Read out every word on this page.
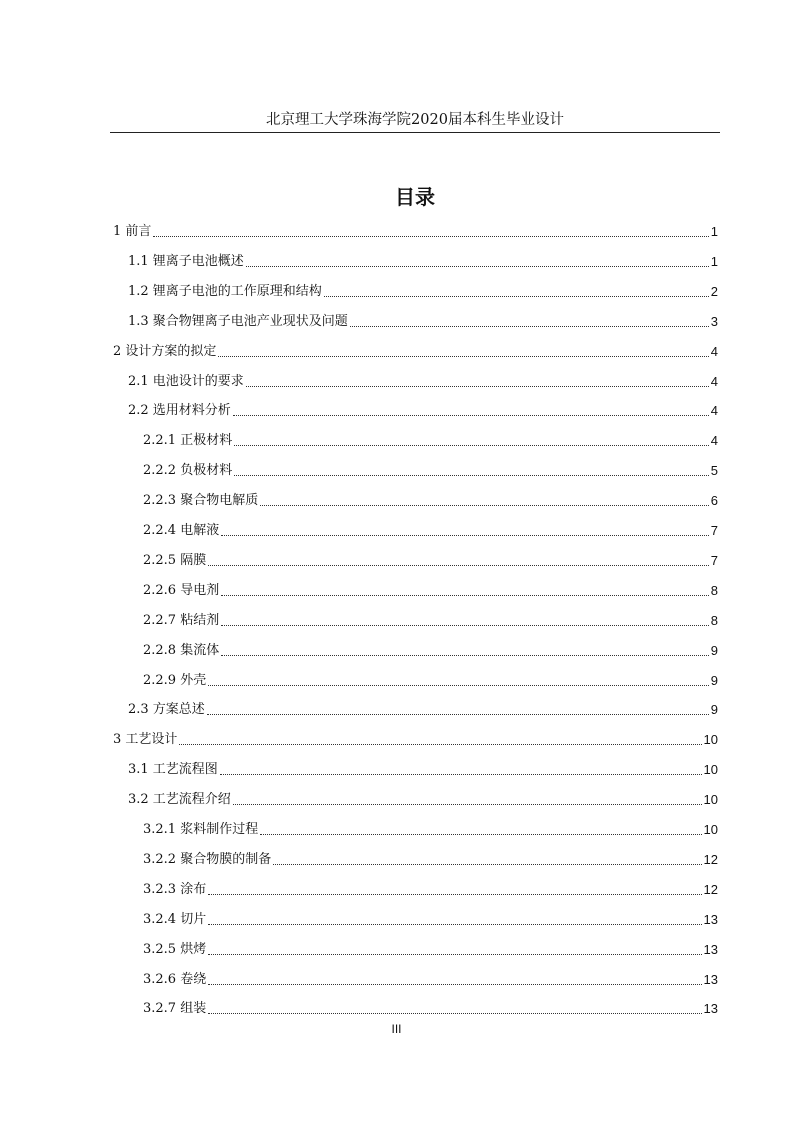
北京理工大学珠海学院2020届本科生毕业设计
目录
1 前言	1
1.1 锂离子电池概述	1
1.2 锂离子电池的工作原理和结构	2
1.3 聚合物锂离子电池产业现状及问题	3
2 设计方案的拟定	4
2.1 电池设计的要求	4
2.2 选用材料分析	4
2.2.1 正极材料	4
2.2.2 负极材料	5
2.2.3 聚合物电解质	6
2.2.4 电解液	7
2.2.5 隔膜	7
2.2.6 导电剂	8
2.2.7 粘结剂	8
2.2.8 集流体	9
2.2.9 外壳	9
2.3 方案总述	9
3 工艺设计	10
3.1 工艺流程图	10
3.2 工艺流程介绍	10
3.2.1 浆料制作过程	10
3.2.2 聚合物膜的制备	12
3.2.3 涂布	12
3.2.4 切片	13
3.2.5 烘烤	13
3.2.6 卷绕	13
3.2.7 组装	13
III
